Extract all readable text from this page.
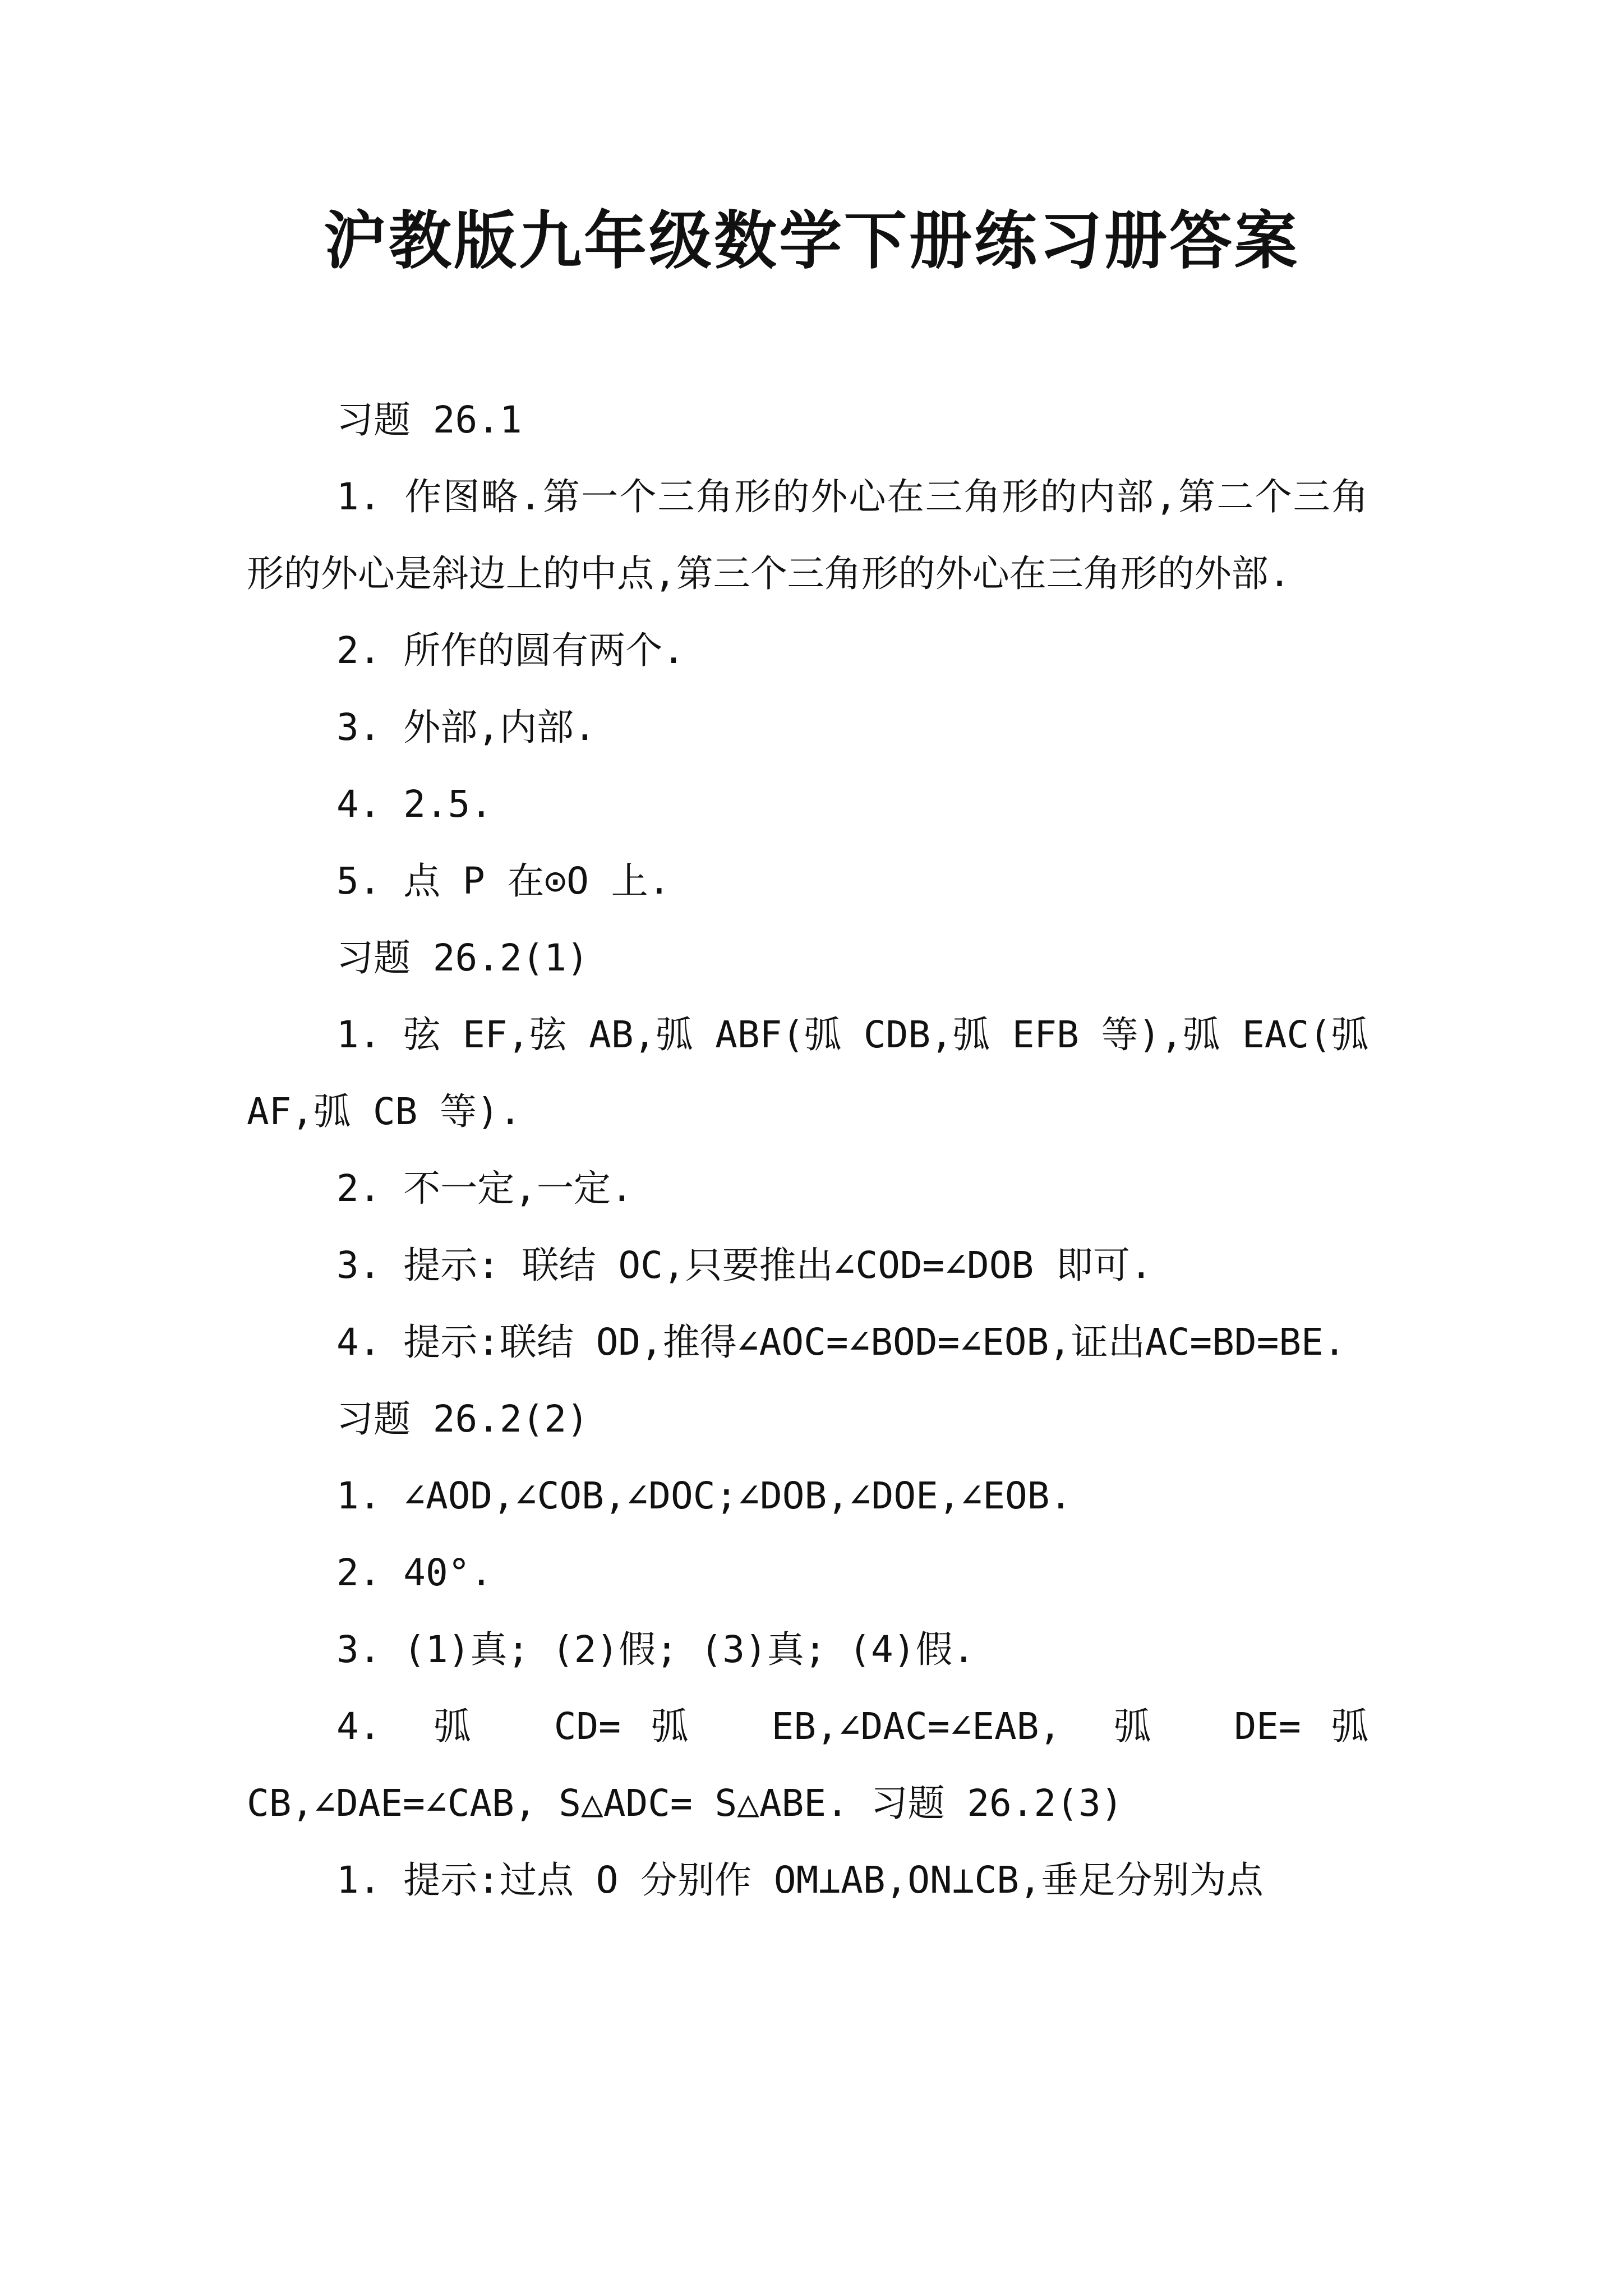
沪教版九年级数学下册练习册答案

习题 26.1

1. 作图略.第一个三角形的外心在三角形的内部,第二个三角形的外心是斜边上的中点,第三个三角形的外心在三角形的外部.

2. 所作的圆有两个.

3. 外部,内部.

4. 2.5.

5. 点 P 在⊙O 上.

习题 26.2(1)

1. 弦 EF,弦 AB,弧 ABF(弧 CDB,弧 EFB 等),弧 EAC(弧AF,弧 CB 等).

2. 不一定,一定.

3. 提示: 联结 OC,只要推出∠COD=∠DOB 即可.

4. 提示:联结 OD,推得∠AOC=∠BOD=∠EOB,证出AC=BD=BE.

习题 26.2(2)

1. ∠AOD,∠COB,∠DOC;∠DOB,∠DOE,∠EOB.

2. 40°.

3. (1)真; (2)假; (3)真; (4)假.

4. 弧 CD=弧 EB,∠DAC=∠EAB, 弧 DE=弧 CB,∠DAE=∠CAB, S△ADC= S△ABE. 习题 26.2(3)

1. 提示:过点 O 分别作 OM⊥AB,ON⊥CB,垂足分别为点
